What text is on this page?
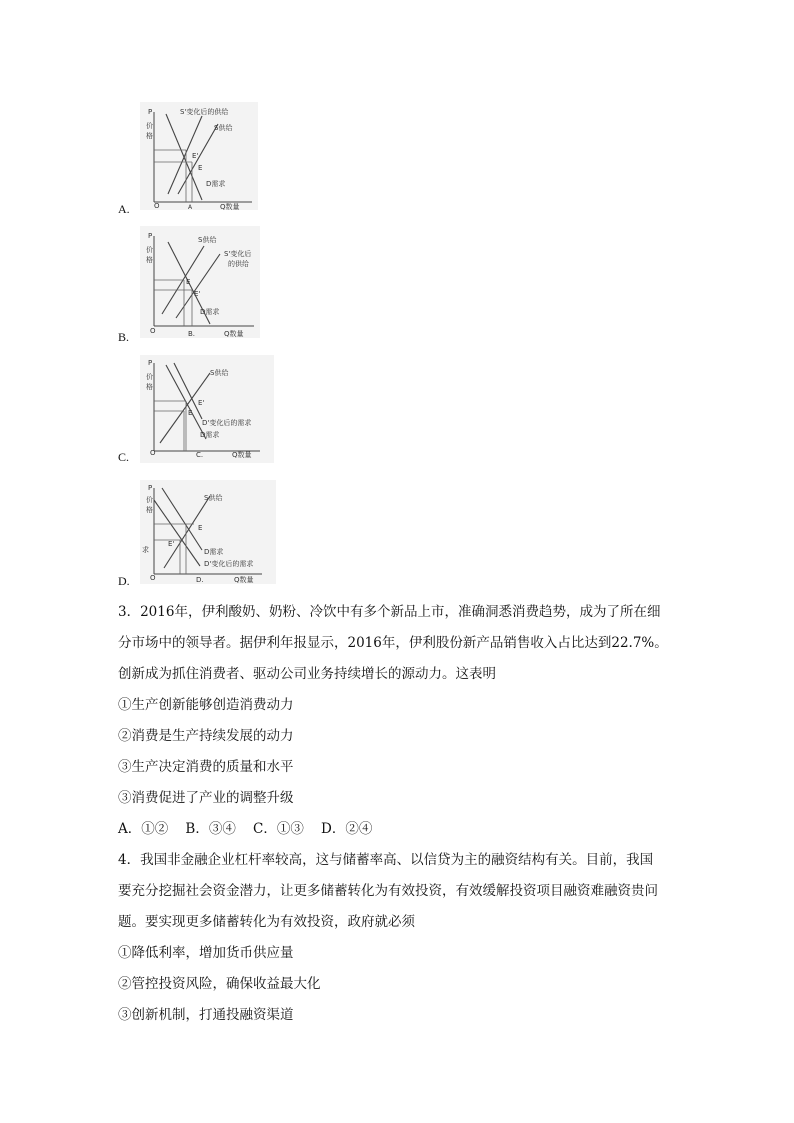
P
价
格
S'变化后的供给
S供给
E'
E
D需求
O	Q数量
A
A.
P
价
格
S供给
S'变化后
的供给
E
E'
D需求
O	Q数量
B.
B.
P
价
格
S供给
E'
E
D'变化后的需求
D需求
O	Q数量
C.
C.
P
价
格
S供给
E
E'
求	D需求
D'变化后的需求
O	Q数量
D.
D.
3．2016年，伊利酸奶、奶粉、冷饮中有多个新品上市，准确洞悉消费趋势，成为了所在细
分市场中的领导者。据伊利年报显示，2016年，伊利股份新产品销售收入占比达到22.7%。
创新成为抓住消费者、驱动公司业务持续增长的源动力。这表明
①生产创新能够创造消费动力
②消费是生产持续发展的动力
③生产决定消费的质量和水平
③消费促进了产业的调整升级
A．①②    B．③④    C．①③    D．②④
4．我国非金融企业杠杆率较高，这与储蓄率高、以信贷为主的融资结构有关。目前，我国
要充分挖掘社会资金潜力，让更多储蓄转化为有效投资，有效缓解投资项目融资难融资贵问
题。要实现更多储蓄转化为有效投资，政府就必须
①降低利率，增加货币供应量
②管控投资风险，确保收益最大化
③创新机制，打通投融资渠道
